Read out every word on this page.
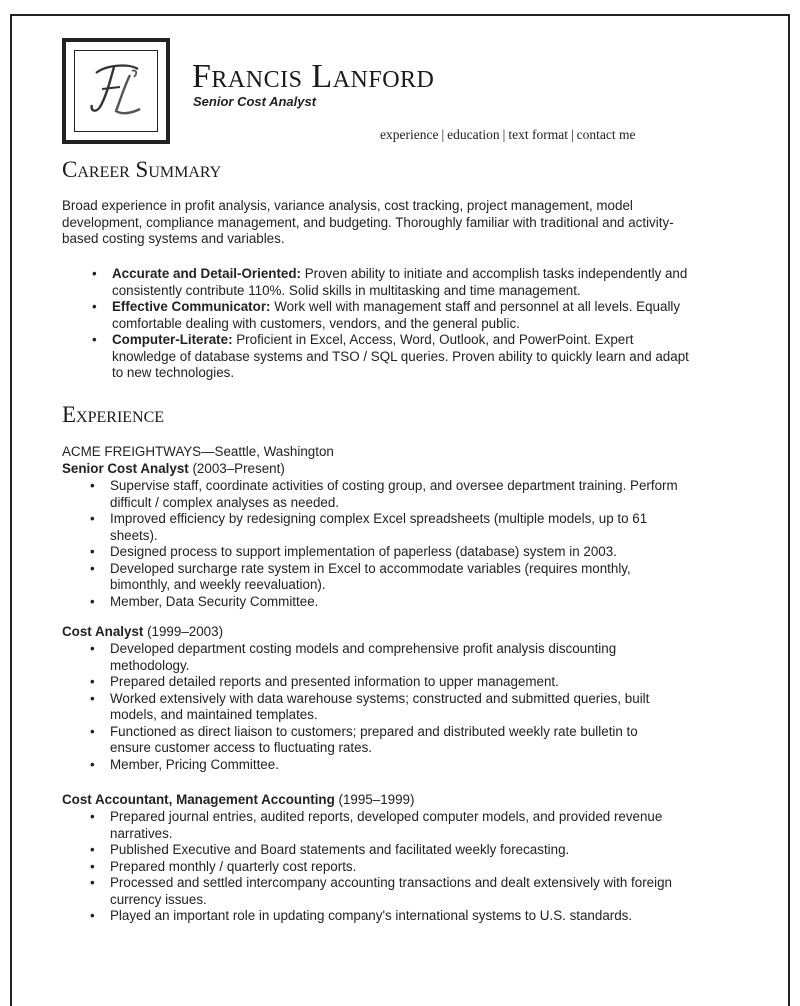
Francis Lanford
Senior Cost Analyst
experience | education | text format | contact me
Career Summary
Broad experience in profit analysis, variance analysis, cost tracking, project management, model development, compliance management, and budgeting. Thoroughly familiar with traditional and activity-based costing systems and variables.
• Accurate and Detail-Oriented: Proven ability to initiate and accomplish tasks independently and consistently contribute 110%. Solid skills in multitasking and time management.
• Effective Communicator: Work well with management staff and personnel at all levels. Equally comfortable dealing with customers, vendors, and the general public.
• Computer-Literate: Proficient in Excel, Access, Word, Outlook, and PowerPoint. Expert knowledge of database systems and TSO / SQL queries. Proven ability to quickly learn and adapt to new technologies.
Experience
ACME FREIGHTWAYS—Seattle, Washington
Senior Cost Analyst (2003–Present)
• Supervise staff, coordinate activities of costing group, and oversee department training. Perform difficult / complex analyses as needed.
• Improved efficiency by redesigning complex Excel spreadsheets (multiple models, up to 61 sheets).
• Designed process to support implementation of paperless (database) system in 2003.
• Developed surcharge rate system in Excel to accommodate variables (requires monthly, bimonthly, and weekly reevaluation).
• Member, Data Security Committee.
Cost Analyst (1999–2003)
• Developed department costing models and comprehensive profit analysis discounting methodology.
• Prepared detailed reports and presented information to upper management.
• Worked extensively with data warehouse systems; constructed and submitted queries, built models, and maintained templates.
• Functioned as direct liaison to customers; prepared and distributed weekly rate bulletin to ensure customer access to fluctuating rates.
• Member, Pricing Committee.
Cost Accountant, Management Accounting (1995–1999)
• Prepared journal entries, audited reports, developed computer models, and provided revenue narratives.
• Published Executive and Board statements and facilitated weekly forecasting.
• Prepared monthly / quarterly cost reports.
• Processed and settled intercompany accounting transactions and dealt extensively with foreign currency issues.
• Played an important role in updating company's international systems to U.S. standards.
